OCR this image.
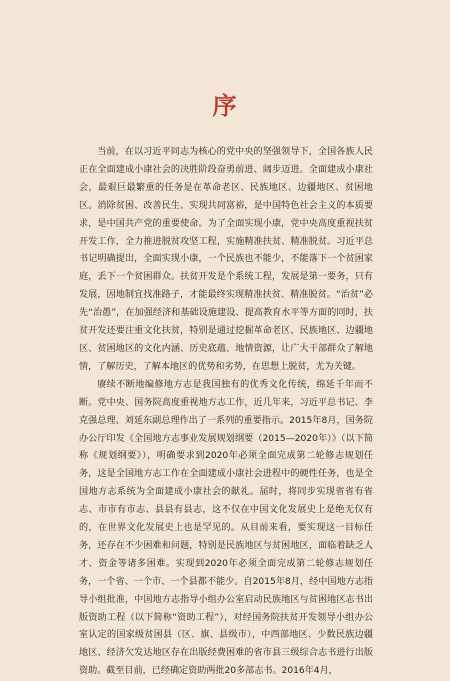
序

当前，在以习近平同志为核心的党中央的坚强领导下，全国各族人民正在全面建成小康社会的决胜阶段奋勇前进、阔步迈进。全面建成小康社会，最艰巨最繁重的任务是在革命老区、民族地区、边疆地区、贫困地区。消除贫困、改善民生、实现共同富裕，是中国特色社会主义的本质要求，是中国共产党的重要使命。为了全面实现小康，党中央高度重视扶贫开发工作，全力推进脱贫攻坚工程，实施精准扶贫、精准脱贫。习近平总书记明确提出，全面实现小康，一个民族也不能少，不能落下一个贫困家庭，丢下一个贫困群众。扶贫开发是个系统工程，发展是第一要务，只有发展，因地制宜找准路子，才能最终实现精准扶贫、精准脱贫。“治贫”必先“治愚”，在加强经济和基础设施建设、提高教育水平等方面的同时，扶贫开发还要注重文化扶贫，特别是通过挖掘革命老区、民族地区、边疆地区、贫困地区的文化内涵、历史底蕴、地情资源，让广大干部群众了解地情，了解历史，了解本地区的优势和劣势，在思想上脱贫，尤为关键。

赓续不断地编修地方志是我国独有的优秀文化传统，绵延千年而不断。党中央、国务院高度重视地方志工作，近几年来，习近平总书记、李克强总理、刘延东副总理作出了一系列的重要指示。2015年8月，国务院办公厅印发《全国地方志事业发展规划纲要（2015—2020年）》（以下简称《规划纲要》），明确要求到2020年必须全面完成第二轮修志规划任务，这是全国地方志工作在全面建成小康社会进程中的硬性任务，也是全国地方志系统为全面建成小康社会的献礼。届时，将同步实现省省有省志、市市有市志、县县有县志，这不仅在中国文化发展史上是绝无仅有的，在世界文化发展史上也是罕见的。从目前来看，要实现这一目标任务，还存在不少困难和问题，特别是民族地区与贫困地区，面临着缺乏人才、资金等诸多困难。实现到2020年必须全面完成第二轮修志规划任务，一个省、一个市、一个县都不能少。自2015年8月，经中国地方志指导小组批准，中国地方志指导小组办公室启动民族地区与贫困地区志书出版资助工程（以下简称“资助工程”），对经国务院扶贫开发领导小组办公室认定的国家级贫困县（区、旗、县级市），中西部地区、少数民族边疆地区、经济欠发达地区存在出版经费困难的省市县三级综合志书进行出版资助。截至目前，已经确定资助两批20多部志书。2016年4月，
